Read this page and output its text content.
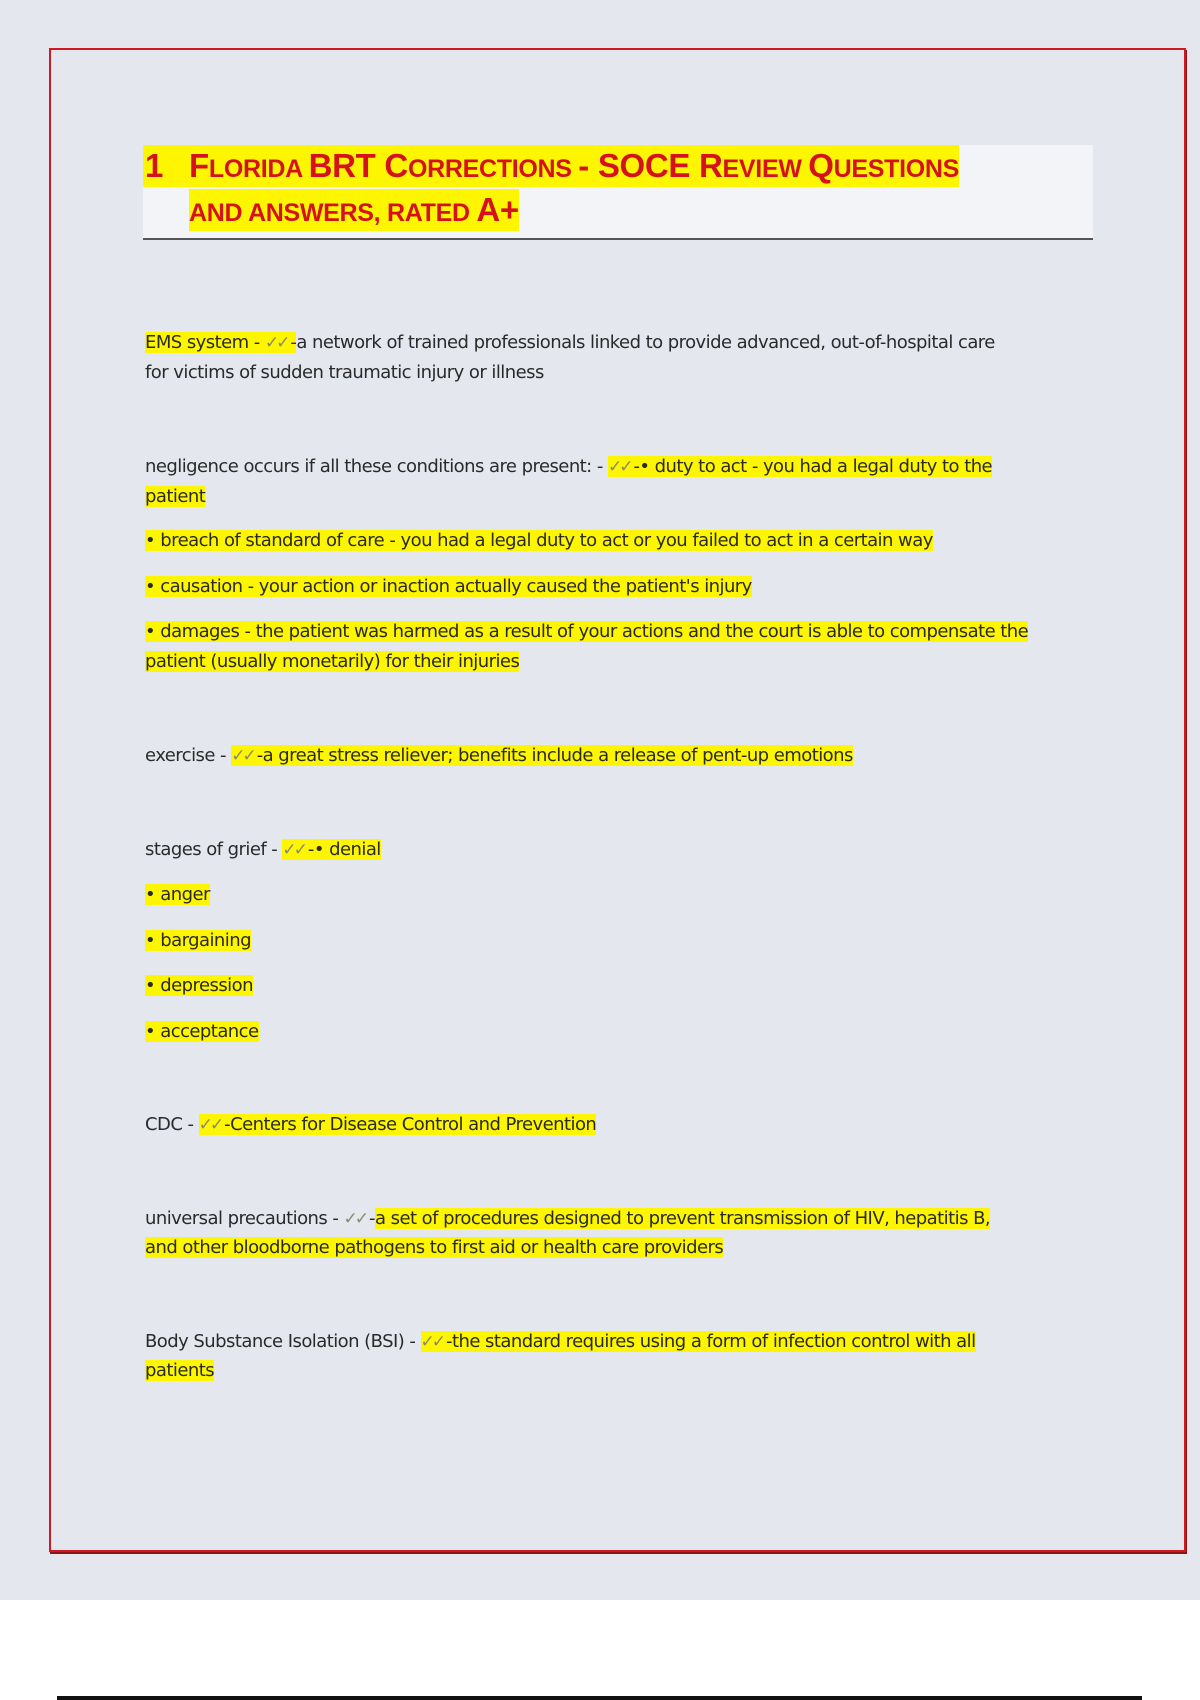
1 FLORIDA BRT CORRECTIONS - SOCE REVIEW QUESTIONS
AND ANSWERS, RATED A+
EMS system - ✓✓ -a network of trained professionals linked to provide advanced, out-of-hospital care
for victims of sudden traumatic injury or illness
negligence occurs if all these conditions are present: - ✓✓ -• duty to act - you had a legal duty to the
patient
• breach of standard of care - you had a legal duty to act or you failed to act in a certain way
• causation - your action or inaction actually caused the patient's injury
• damages - the patient was harmed as a result of your actions and the court is able to compensate the
patient (usually monetarily) for their injuries
exercise - ✓✓ -a great stress reliever; benefits include a release of pent-up emotions
stages of grief - ✓✓ -• denial
• anger
• bargaining
• depression
• acceptance
CDC - ✓✓ -Centers for Disease Control and Prevention
universal precautions - ✓✓ -a set of procedures designed to prevent transmission of HIV, hepatitis B,
and other bloodborne pathogens to first aid or health care providers
Body Substance Isolation (BSI) - ✓✓ -the standard requires using a form of infection control with all
patients
